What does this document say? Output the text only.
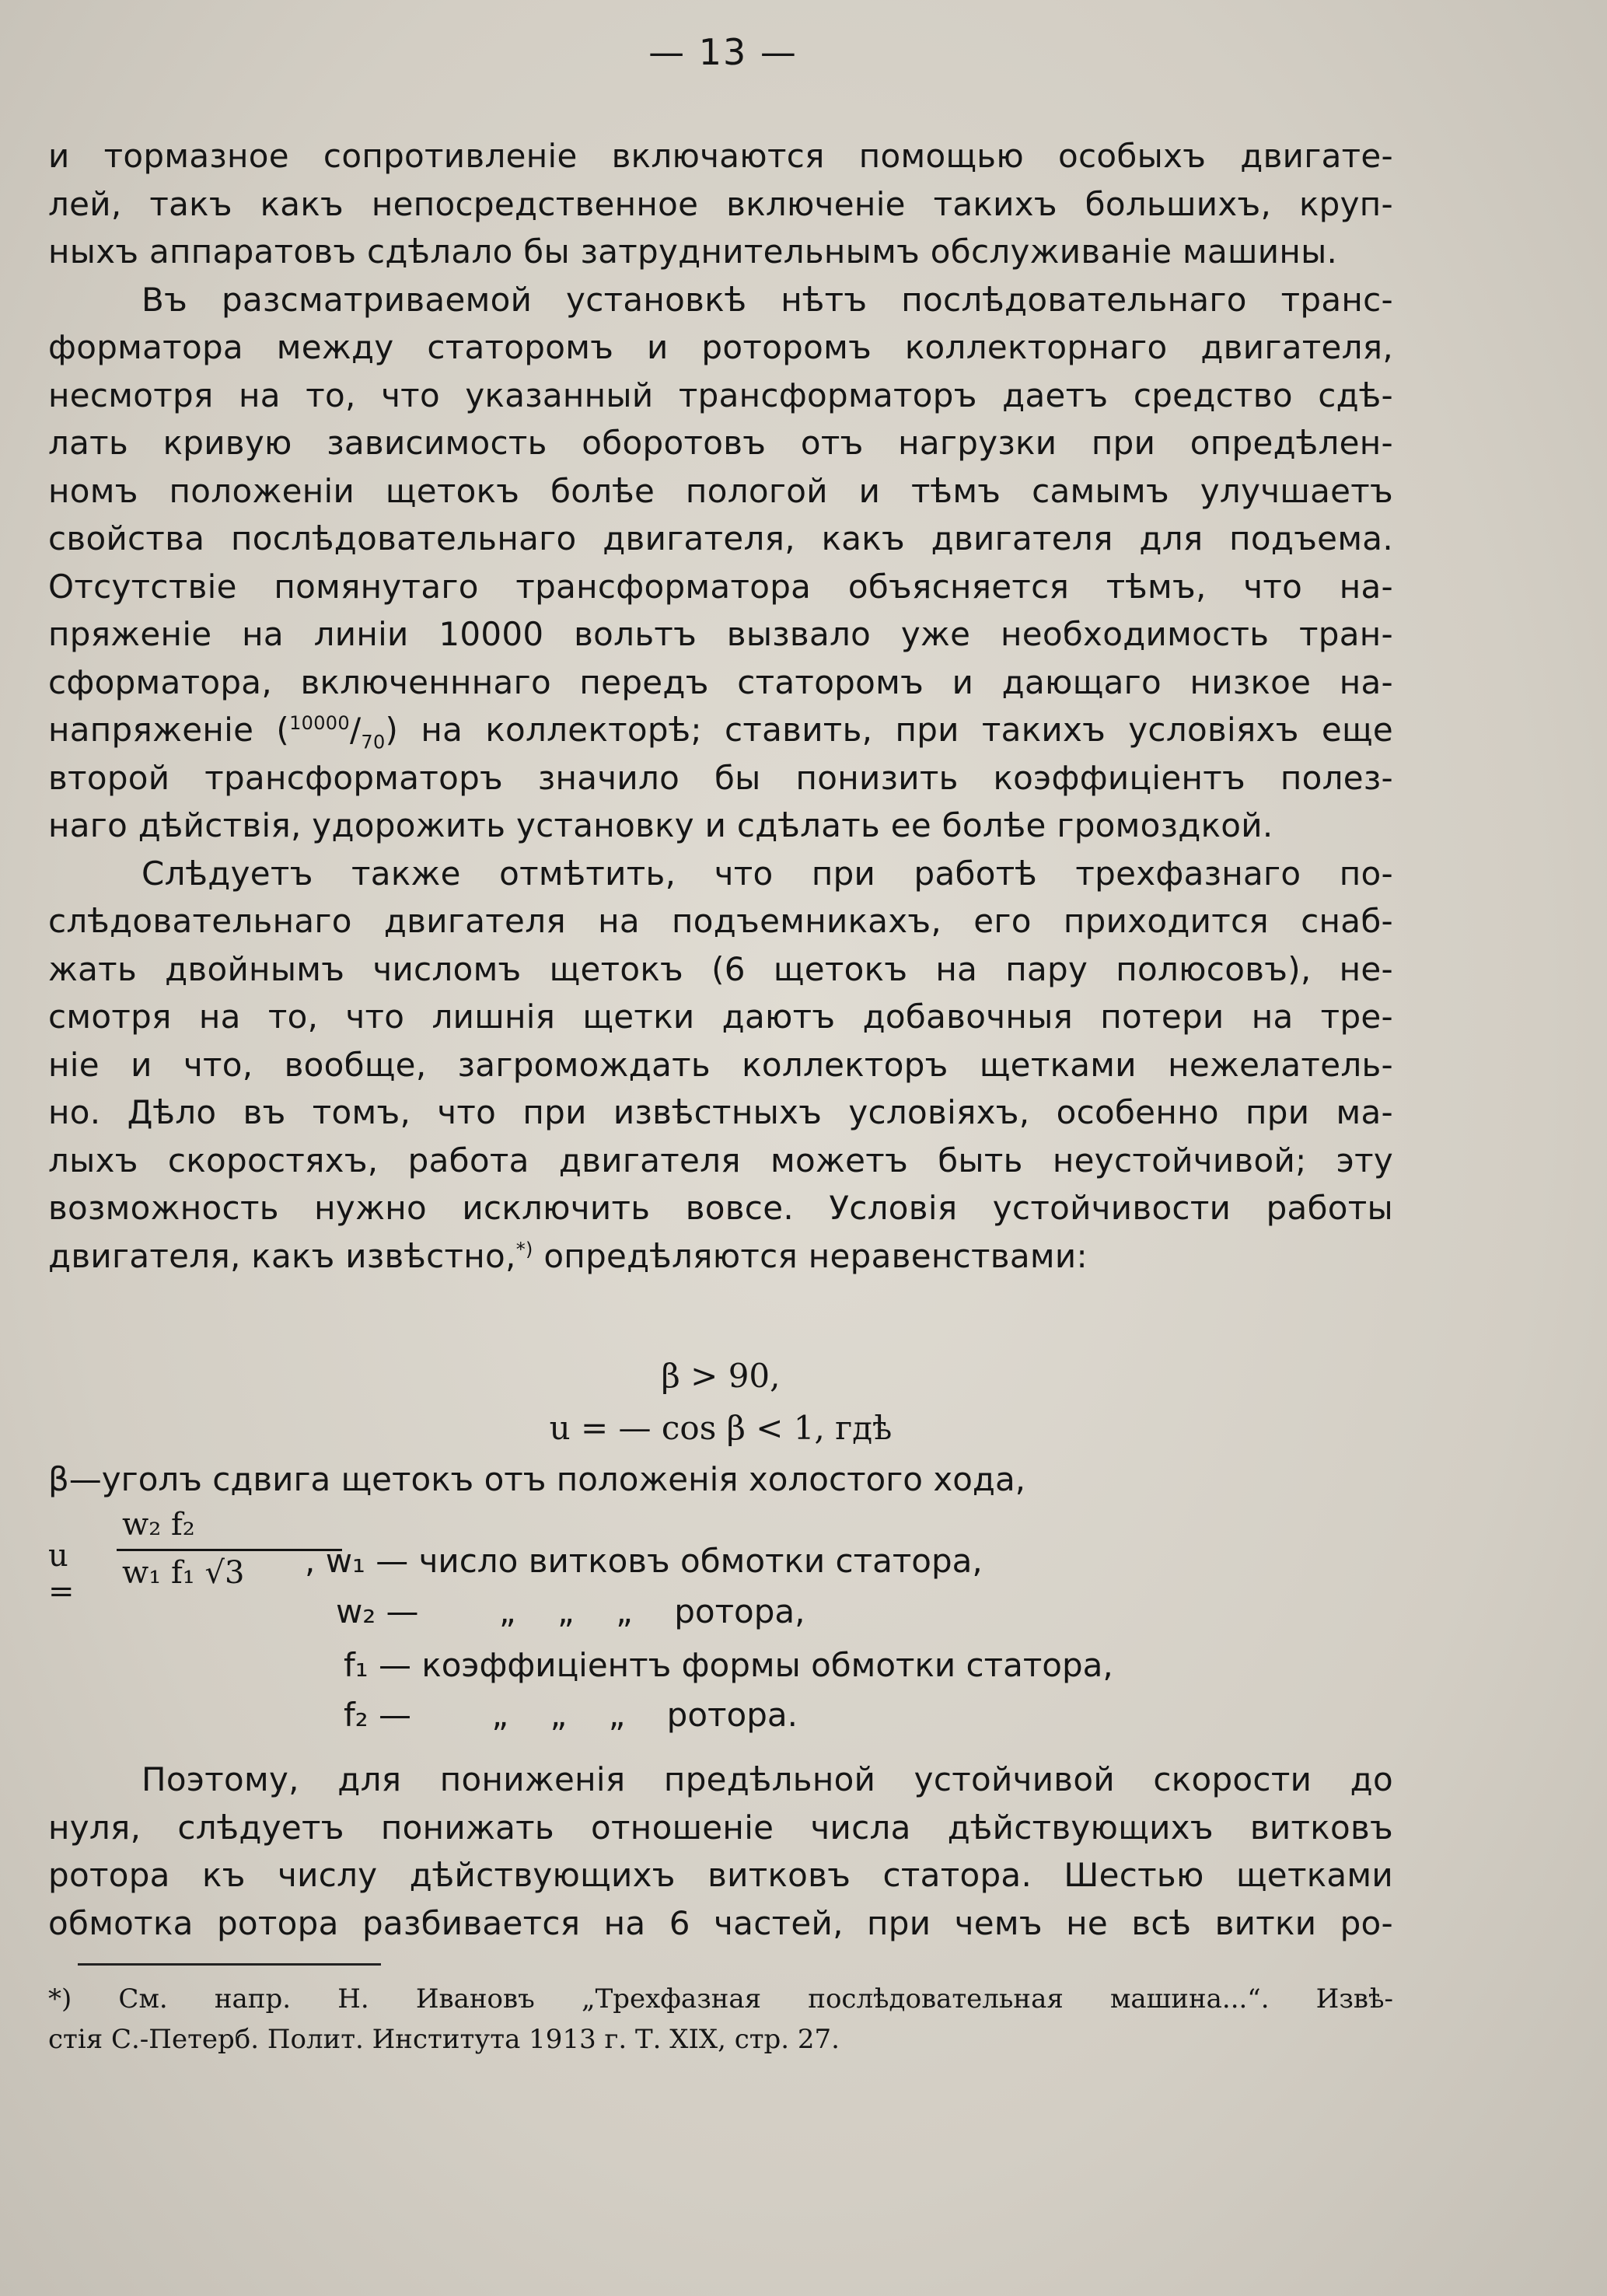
— 13 —
и тормазное сопротивленіе включаются помощью особыхъ двигате-
лей, такъ какъ непосредственное включеніе такихъ большихъ, круп-
ныхъ аппаратовъ сдѣлало бы затруднительнымъ обслуживаніе машины.
Въ разсматриваемой установкѣ нѣтъ послѣдовательнаго транс-
форматора между статоромъ и роторомъ коллекторнаго двигателя,
несмотря на то, что указанный трансформаторъ даетъ средство сдѣ-
лать кривую зависимость оборотовъ отъ нагрузки при опредѣлен-
номъ положеніи щетокъ болѣе пологой и тѣмъ самымъ улучшаетъ
свойства послѣдовательнаго двигателя, какъ двигателя для подъема.
Отсутствіе помянутаго трансформатора объясняется тѣмъ, что на-
пряженіе на линіи 10000 вольтъ вызвало уже необходимость тран-
сформатора, включенннаго передъ статоромъ и дающаго низкое на-
напряженіе $(^{10000}/_{70})$ на коллекторѣ; ставить, при такихъ условіяхъ еще
второй трансформаторъ значило бы понизить коэффиціентъ полез-
наго дѣйствія, удорожить установку и сдѣлать ее болѣе громоздкой.
Слѣдуетъ также отмѣтить, что при работѣ трехфазнаго по-
слѣдовательнаго двигателя на подъемникахъ, его приходится снаб-
жать двойнымъ числомъ щетокъ (6 щетокъ на пару полюсовъ), не-
смотря на то, что лишнія щетки даютъ добавочныя потери на тре-
ніе и что, вообще, загромождать коллекторъ щетками нежелатель-
но. Дѣло въ томъ, что при извѣстныхъ условіяхъ, особенно при ма-
лыхъ скоростяхъ, работа двигателя можетъ быть неустойчивой; эту
возможность нужно исключить вовсе. Условія устойчивости работы
двигателя, какъ извѣстно,*) опредѣляются неравенствами:
β > 90,
u = — cos β < 1, гдѣ
β—уголъ сдвига щетокъ отъ положенія холостого хода,
u =
w₂ f₂
w₁ f₁ √3 , w₁ — число витковъ обмотки статора,
w₂ — „ „ „ ротора,
f₁ — коэффиціентъ формы обмотки статора,
f₂ — „ „ „ ротора.
Поэтому, для пониженія предѣльной устойчивой скорости до
нуля, слѣдуетъ понижать отношеніе числа дѣйствующихъ витковъ
ротора къ числу дѣйствующихъ витковъ статора. Шестью щетками
обмотка ротора разбивается на 6 частей, при чемъ не всѣ витки ро-
*) См. напр. Н. Ивановъ „Трехфазная послѣдовательная машина...“. Извѣ-
стія С.-Петерб. Полит. Института 1913 г. Т. XIX, стр. 27.
